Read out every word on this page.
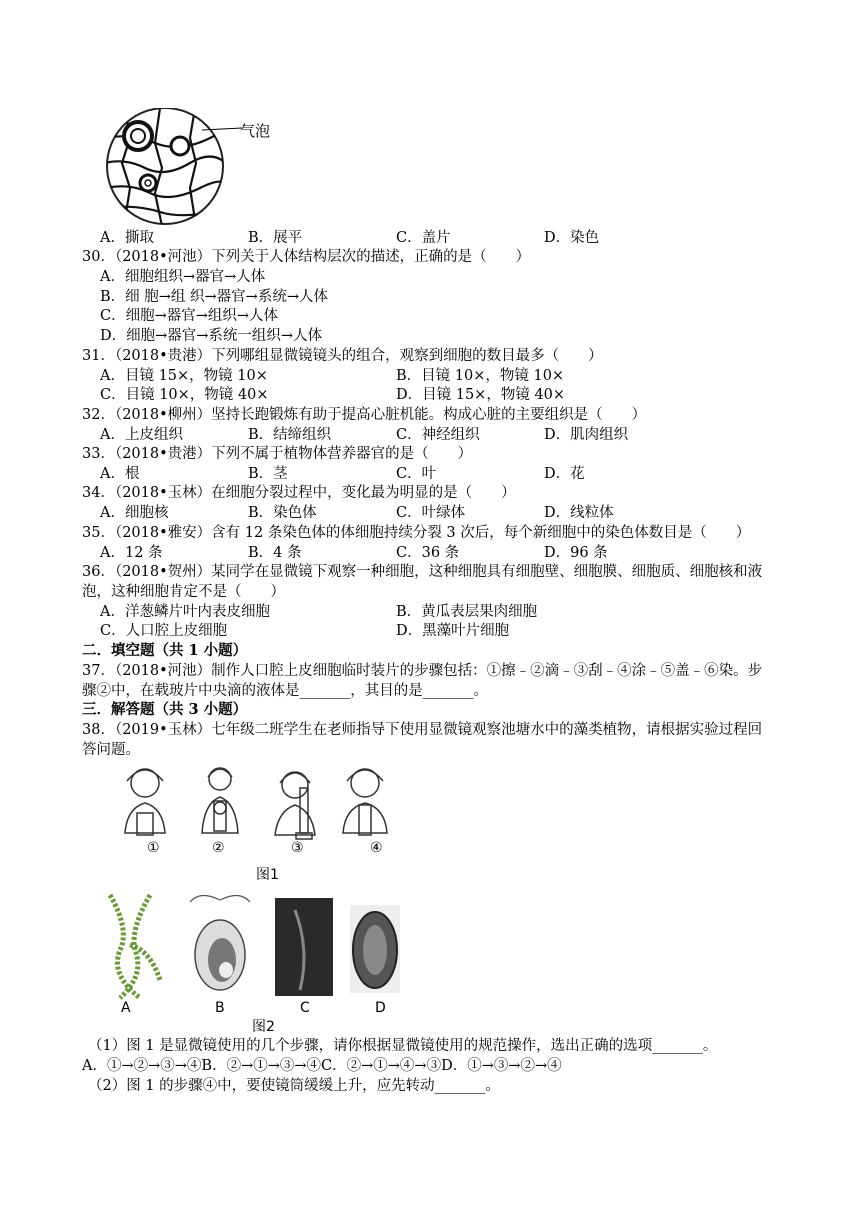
气泡
A．撕取	B．展平	C．盖片	D．染色
30．（2018•河池）下列关于人体结构层次的描述，正确的是（　　）
A．细胞组织→器官→人体
B．细 胞→组 织→器官→系统→人体
C．细胞→器官→组织→人体
D．细胞→器官→系统一组织→人体
31．（2018•贵港）下列哪组显微镜镜头的组合，观察到细胞的数目最多（　　）
A．目镜 15×，物镜 10×	B．目镜 10×，物镜 10×
C．目镜 10×，物镜 40×	D．目镜 15×，物镜 40×
32．（2018•柳州）坚持长跑锻炼有助于提高心脏机能。构成心脏的主要组织是（　　）
A．上皮组织	B．结缔组织	C．神经组织	D．肌肉组织
33．（2018•贵港）下列不属于植物体营养器官的是（　　）
A．根	B．茎	C．叶	D．花
34．（2018•玉林）在细胞分裂过程中，变化最为明显的是（　　）
A．细胞核	B．染色体	C．叶绿体	D．线粒体
35．（2018•雅安）含有 12 条染色体的体细胞持续分裂 3 次后，每个新细胞中的染色体数目是（　　）
A．12 条	B．4 条	C．36 条	D．96 条
36．（2018•贺州）某同学在显微镜下观察一种细胞，这种细胞具有细胞壁、细胞膜、细胞质、细胞核和液
泡，这种细胞肯定不是（　　）
A．洋葱鳞片叶内表皮细胞	B．黄瓜表层果肉细胞
C．人口腔上皮细胞	D．黑藻叶片细胞
二．填空题（共 1 小题）
37．（2018•河池）制作人口腔上皮细胞临时装片的步骤包括：①擦﹣②滴﹣③刮﹣④涂﹣⑤盖﹣⑥染。步
骤②中，在载玻片中央滴的液体是_______，其目的是_______。
三．解答题（共 3 小题）
38．（2019•玉林）七年级二班学生在老师指导下使用显微镜观察池塘水中的藻类植物，请根据实验过程回
答问题。
①	②	③	④
图1
A	B	C	D
图2
（1）图 1 是显微镜使用的几个步骤，请你根据显微镜使用的规范操作，选出正确的选项_______。
A．①→②→③→④B．②→①→③→④C．②→①→④→③D．①→③→②→④
（2）图 1 的步骤④中，要使镜筒缓缓上升，应先转动_______。
